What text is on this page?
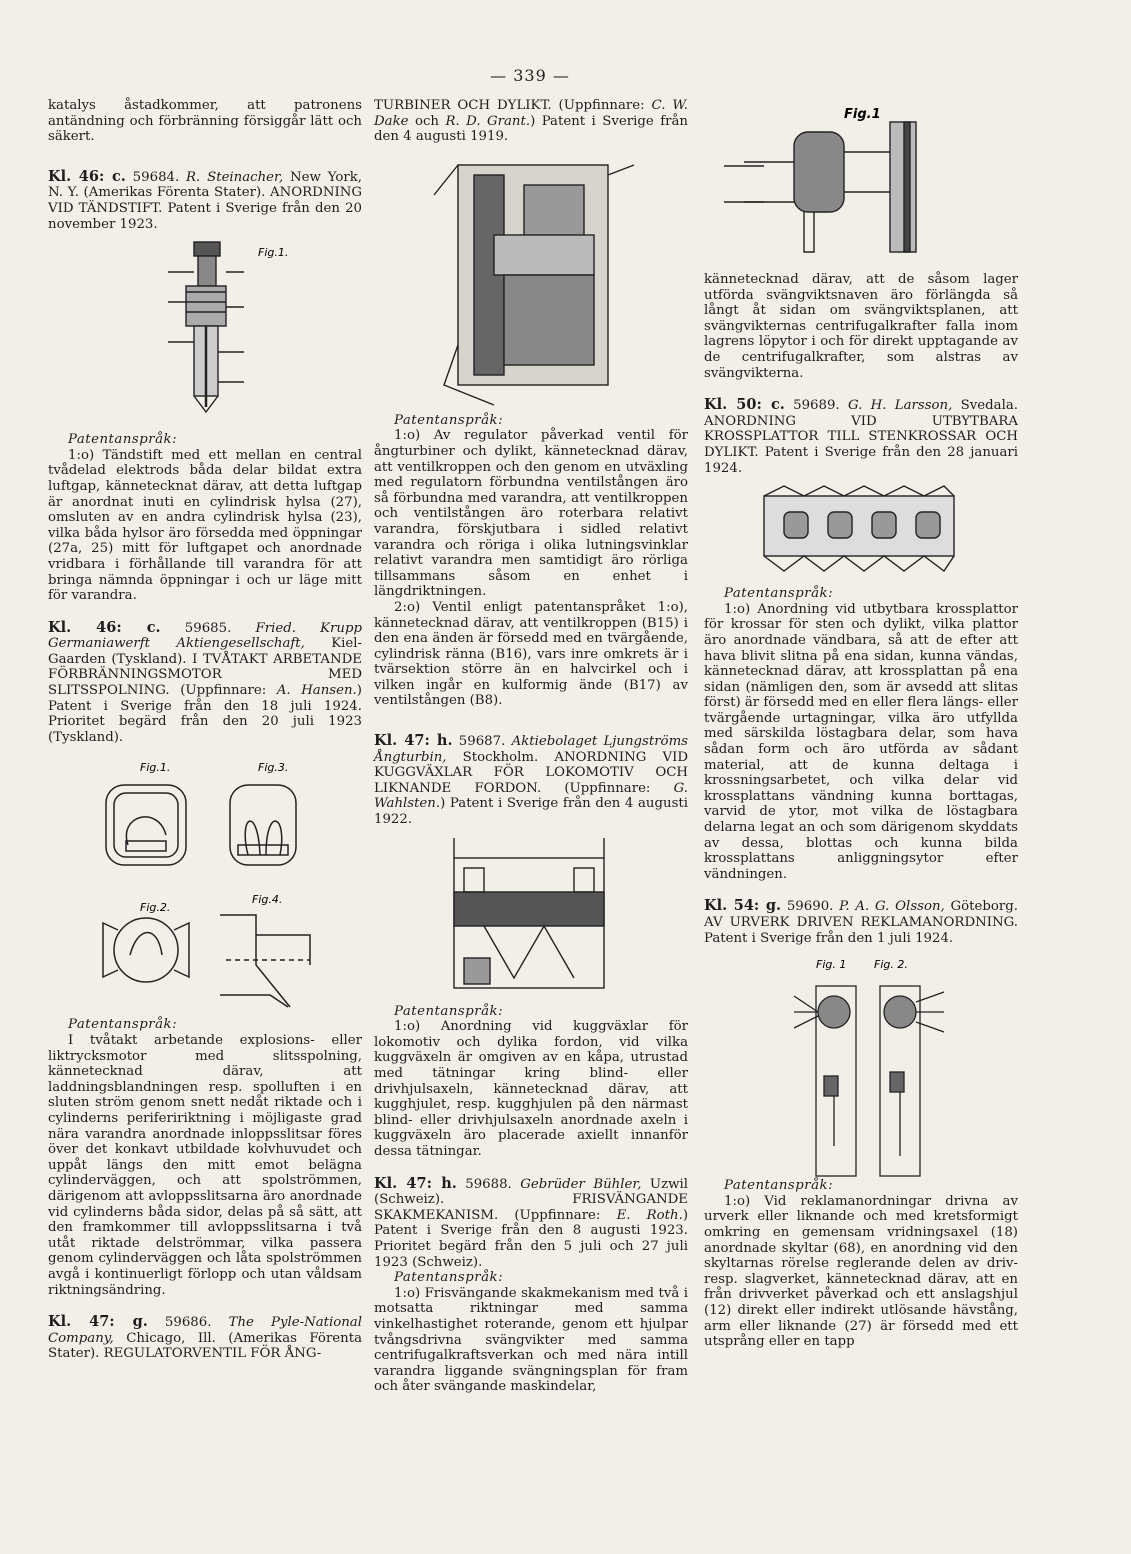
— 339 —

katalys åstadkommer, att patronens antändning och förbränning försiggår lätt och säkert.

Kl. 46: c. 59684. R. Steinacher, New York, N. Y. (Amerikas Förenta Stater). ANORDNING VID TÄNDSTIFT. Patent i Sverige från den 20 november 1923.

Fig.1.

Patentanspråk:

1:o) Tändstift med ett mellan en central tvådelad elektrods båda delar bildat extra luftgap, kännetecknat därav, att detta luftgap är anordnat inuti en cylindrisk hylsa (27), omsluten av en andra cylindrisk hylsa (23), vilka båda hylsor äro försedda med öppningar (27a, 25) mitt för luftgapet och anordnade vridbara i förhållande till varandra för att bringa nämnda öppningar i och ur läge mitt för varandra.

Kl. 46: c. 59685. Fried. Krupp Germaniawerft Aktiengesellschaft, Kiel-Gaarden (Tyskland). I TVÅTAKT ARBETANDE FÖRBRÄNNINGSMOTOR MED SLITSSPOLNING. (Uppfinnare: A. Hansen.) Patent i Sverige från den 18 juli 1924. Prioritet begärd från den 20 juli 1923 (Tyskland).

Fig.1.	Fig.3.
Fig.2.
Fig.4.

Patentanspråk:

I tvåtakt arbetande explosions- eller liktrycksmotor med slitsspolning, kännetecknad därav, att laddningsblandningen resp. spolluften i en sluten ström genom snett nedåt riktade och i cylinderns perifeririktning i möjligaste grad nära varandra anordnade inloppsslitsar föres över det konkavt utbildade kolvhuvudet och uppåt längs den mitt emot belägna cylinderväggen, och att spolströmmen, därigenom att avloppsslitsarna äro anordnade vid cylinderns båda sidor, delas på så sätt, att den framkommer till avloppsslitsarna i två utåt riktade delströmmar, vilka passera genom cylinderväggen och låta spolströmmen avgå i kontinuerligt förlopp och utan våldsam riktningsändring.

Kl. 47: g. 59686. The Pyle-National Company, Chicago, Ill. (Amerikas Förenta Stater). REGULATORVENTIL FÖR ÅNG-

TURBINER OCH DYLIKT. (Uppfinnare: C. W. Dake och R. D. Grant.) Patent i Sverige från den 4 augusti 1919.

Patentanspråk:

1:o) Av regulator påverkad ventil för ångturbiner och dylikt, kännetecknad därav, att ventilkroppen och den genom en utväxling med regulatorn förbundna ventilstången äro så förbundna med varandra, att ventilkroppen och ventilstången äro roterbara relativt varandra, förskjutbara i sidled relativt varandra och röriga i olika lutningsvinklar relativt varandra men samtidigt äro rörliga tillsammans såsom en enhet i längdriktningen.

2:o) Ventil enligt patentanspråket 1:o), kännetecknad därav, att ventilkroppen (B15) i den ena änden är försedd med en tvärgående, cylindrisk ränna (B16), vars inre omkrets är i tvärsektion större än en halvcirkel och i vilken ingår en kulformig ände (B17) av ventilstången (B8).

Kl. 47: h. 59687. Aktiebolaget Ljungströms Ångturbin, Stockholm. ANORDNING VID KUGGVÄXLAR FÖR LOKOMOTIV OCH LIKNANDE FORDON. (Uppfinnare: G. Wahlsten.) Patent i Sverige från den 4 augusti 1922.

Patentanspråk:

1:o) Anordning vid kuggväxlar för lokomotiv och dylika fordon, vid vilka kuggväxeln är omgiven av en kåpa, utrustad med tätningar kring blind- eller drivhjulsaxeln, kännetecknad därav, att kugghjulet, resp. kugghjulen på den närmast blind- eller drivhjulsaxeln anordnade axeln i kuggväxeln äro placerade axiellt innanför dessa tätningar.

Kl. 47: h. 59688. Gebrüder Bühler, Uzwil (Schweiz). FRISVÄNGANDE SKAKMEKANISM. (Uppfinnare: E. Roth.) Patent i Sverige från den 8 augusti 1923. Prioritet begärd från den 5 juli och 27 juli 1923 (Schweiz).

Patentanspråk:

1:o) Frisvängande skakmekanism med två i motsatta riktningar med samma vinkelhastighet roterande, genom ett hjulpar tvångsdrivna svängvikter med samma centrifugalkraftsverkan och med nära intill varandra liggande svängningsplan för fram och åter svängande maskindelar,

Fig.1

kännetecknad därav, att de såsom lager utförda svängviktsnaven äro förlängda så långt åt sidan om svängviktsplanen, att svängvikternas centrifugalkrafter falla inom lagrens löpytor i och för direkt upptagande av de centrifugalkrafter, som alstras av svängvikterna.

Kl. 50: c. 59689. G. H. Larsson, Svedala. ANORDNING VID UTBYTBARA KROSSPLATTOR TILL STENKROSSAR OCH DYLIKT. Patent i Sverige från den 28 januari 1924.

Patentanspråk:

1:o) Anordning vid utbytbara krossplattor för krossar för sten och dylikt, vilka plattor äro anordnade vändbara, så att de efter att hava blivit slitna på ena sidan, kunna vändas, kännetecknad därav, att krossplattan på ena sidan (nämligen den, som är avsedd att slitas först) är försedd med en eller flera längs- eller tvärgående urtagningar, vilka äro utfyllda med särskilda löstagbara delar, som hava sådan form och äro utförda av sådant material, att de kunna deltaga i krossningsarbetet, och vilka delar vid krossplattans vändning kunna borttagas, varvid de ytor, mot vilka de löstagbara delarna legat an och som därigenom skyddats av dessa, blottas och kunna bilda krossplattans anliggningsytor efter vändningen.

Kl. 54: g. 59690. P. A. G. Olsson, Göteborg. AV URVERK DRIVEN REKLAMANORDNING. Patent i Sverige från den 1 juli 1924.

Fig. 1	Fig. 2.

Patentanspråk:

1:o) Vid reklamanordningar drivna av urverk eller liknande och med kretsformigt omkring en gemensam vridningsaxel (18) anordnade skyltar (68), en anordning vid den skyltarnas rörelse reglerande delen av driv- resp. slagverket, kännetecknad därav, att en från drivverket påverkad och ett anslagshjul (12) direkt eller indirekt utlösande hävstång, arm eller liknande (27) är försedd med ett utsprång eller en tapp
